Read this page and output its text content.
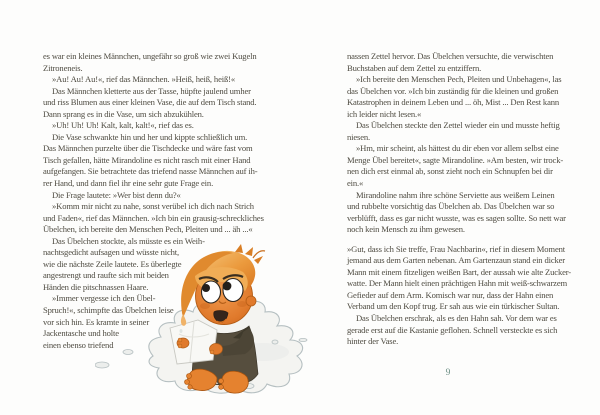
es war ein kleines Männchen, ungefähr so groß wie zwei Kugeln
Zitroneneis.
»Au! Au! Au!«, rief das Männchen. »Heiß, heiß, heiß!«
Das Männchen kletterte aus der Tasse, hüpfte jaulend umher
und riss Blumen aus einer kleinen Vase, die auf dem Tisch stand.
Dann sprang es in die Vase, um sich abzukühlen.
»Uh! Uh! Uh! Kalt, kalt, kalt!«, rief das es.
Die Vase schwankte hin und her und kippte schließlich um.
Das Männchen purzelte über die Tischdecke und wäre fast vom
Tisch gefallen, hätte Mirandoline es nicht rasch mit einer Hand
aufgefangen. Sie betrachtete das triefend nasse Männchen auf ih-
rer Hand, und dann fiel ihr eine sehr gute Frage ein.
Die Frage lautete: »Wer bist denn du?«
»Komm mir nicht zu nahe, sonst verübel ich dich nach Strich
und Faden«, rief das Männchen. »Ich bin ein grausig-schreckliches
Übelchen, ich bereite den Menschen Pech, Pleiten und ... äh ...«
Das Übelchen stockte, als müsste es ein Weih-
nachtsgedicht aufsagen und wüsste nicht,
wie die nächste Zeile lautete. Es überlegte
angestrengt und raufte sich mit beiden
Händen die pitschnassen Haare.
»Immer vergesse ich den Übel-
Spruch!«, schimpfte das Übelchen leise
vor sich hin. Es kramte in seiner
Jackentasche und holte
einen ebenso triefend
nassen Zettel hervor. Das Übelchen versuchte, die verwischten
Buchstaben auf dem Zettel zu entziffern.
»Ich bereite den Menschen Pech, Pleiten und Unbehagen«, las
das Übelchen vor. »Ich bin zuständig für die kleinen und großen
Katastrophen in deinem Leben und ... öh, Mist ... Den Rest kann
ich leider nicht lesen.«
Das Übelchen steckte den Zettel wieder ein und musste heftig
niesen.
»Hm, mir scheint, als hättest du dir eben vor allem selbst eine
Menge Übel bereitet«, sagte Mirandoline. »Am besten, wir trock-
nen dich erst einmal ab, sonst zieht noch ein Schnupfen bei dir
ein.«
Mirandoline nahm ihre schöne Serviette aus weißem Leinen
und rubbelte vorsichtig das Übelchen ab. Das Übelchen war so
verblüfft, dass es gar nicht wusste, was es sagen sollte. So nett war
noch kein Mensch zu ihm gewesen.
»Gut, dass ich Sie treffe, Frau Nachbarin«, rief in diesem Moment
jemand aus dem Garten nebenan. Am Gartenzaun stand ein dicker
Mann mit einem fitzeligen weißen Bart, der aussah wie alte Zucker-
watte. Der Mann hielt einen prächtigen Hahn mit weiß-schwarzem
Gefieder auf dem Arm. Komisch war nur, dass der Hahn einen
Verband um den Kopf trug. Er sah aus wie ein türkischer Sultan.
Das Übelchen erschrak, als es den Hahn sah. Vor dem war es
gerade erst auf die Kastanie geflohen. Schnell versteckte es sich
hinter der Vase.
9
